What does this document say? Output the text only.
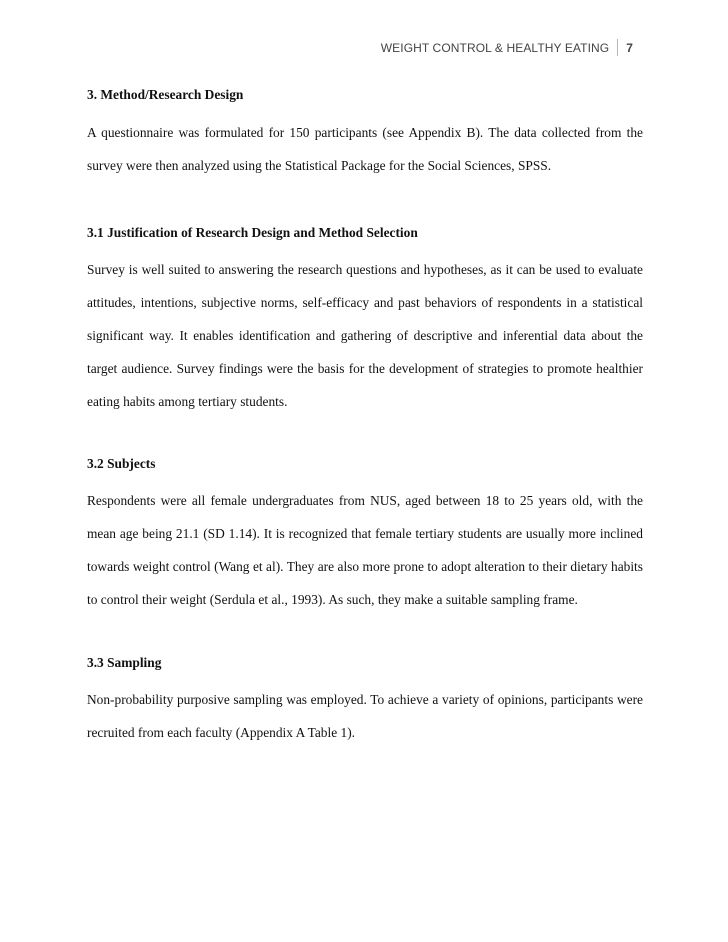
WEIGHT CONTROL & HEALTHY EATING	7
3. Method/Research Design

A questionnaire was formulated for 150 participants (see Appendix B). The data collected from the survey were then analyzed using the Statistical Package for the Social Sciences, SPSS.

3.1 Justification of Research Design and Method Selection

Survey is well suited to answering the research questions and hypotheses, as it can be used to evaluate attitudes, intentions, subjective norms, self-efficacy and past behaviors of respondents in a statistical significant way. It enables identification and gathering of descriptive and inferential data about the target audience. Survey findings were the basis for the development of strategies to promote healthier eating habits among tertiary students.

3.2 Subjects

Respondents were all female undergraduates from NUS, aged between 18 to 25 years old, with the mean age being 21.1 (SD 1.14). It is recognized that female tertiary students are usually more inclined towards weight control (Wang et al). They are also more prone to adopt alteration to their dietary habits to control their weight (Serdula et al., 1993). As such, they make a suitable sampling frame.

3.3 Sampling

Non-probability purposive sampling was employed. To achieve a variety of opinions, participants were recruited from each faculty (Appendix A Table 1).
